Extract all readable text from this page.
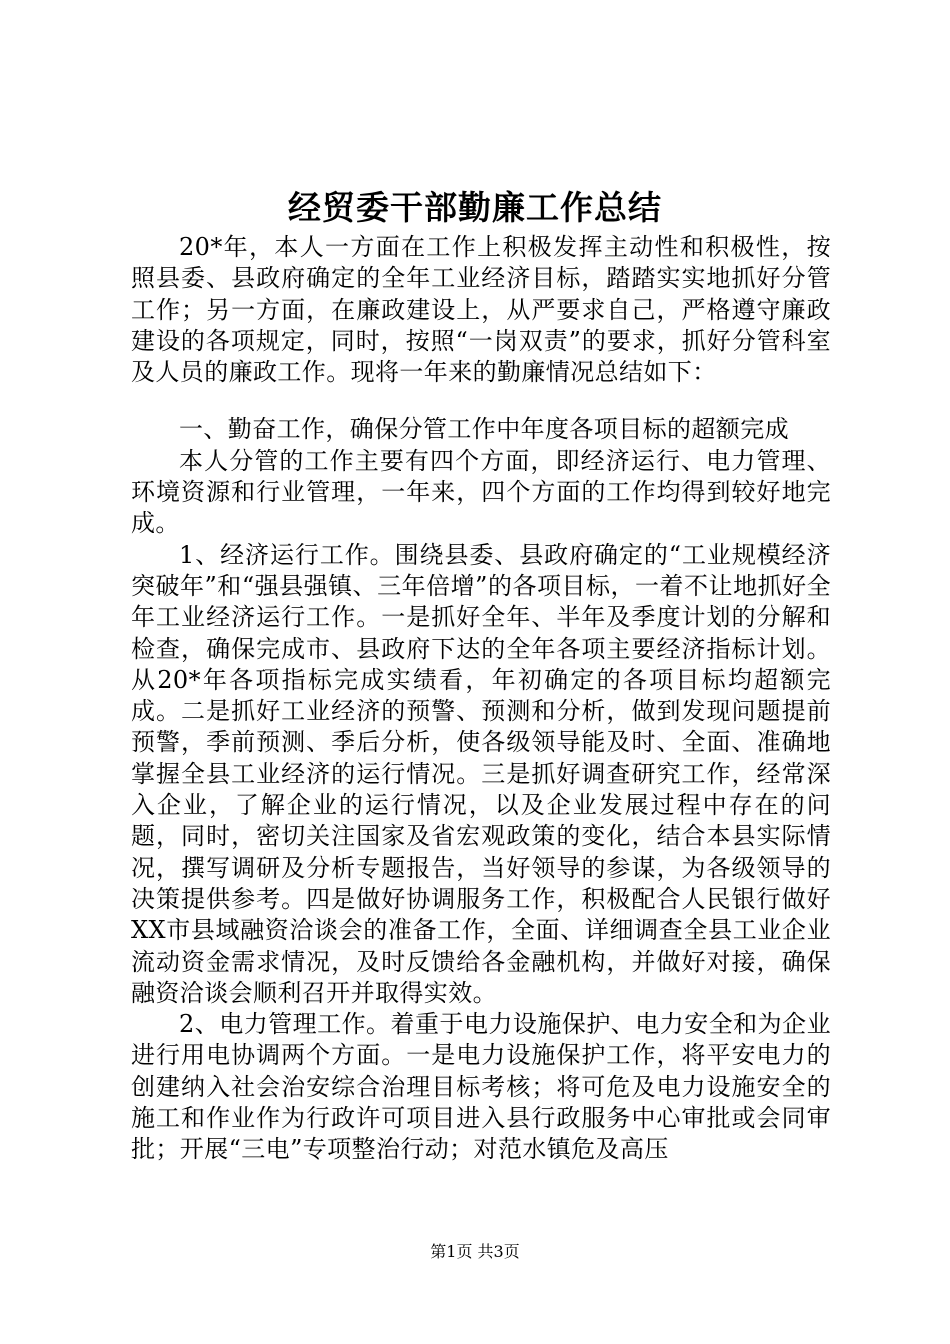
经贸委干部勤廉工作总结

20*年，本人一方面在工作上积极发挥主动性和积极性，按照县委、县政府确定的全年工业经济目标，踏踏实实地抓好分管工作；另一方面，在廉政建设上，从严要求自己，严格遵守廉政建设的各项规定，同时，按照“一岗双责”的要求，抓好分管科室及人员的廉政工作。现将一年来的勤廉情况总结如下：

一、勤奋工作，确保分管工作中年度各项目标的超额完成

本人分管的工作主要有四个方面，即经济运行、电力管理、环境资源和行业管理，一年来，四个方面的工作均得到较好地完成。

1、经济运行工作。围绕县委、县政府确定的“工业规模经济突破年”和“强县强镇、三年倍增”的各项目标，一着不让地抓好全年工业经济运行工作。一是抓好全年、半年及季度计划的分解和检查，确保完成市、县政府下达的全年各项主要经济指标计划。从20*年各项指标完成实绩看，年初确定的各项目标均超额完成。二是抓好工业经济的预警、预测和分析，做到发现问题提前预警，季前预测、季后分析，使各级领导能及时、全面、准确地掌握全县工业经济的运行情况。三是抓好调查研究工作，经常深入企业，了解企业的运行情况，以及企业发展过程中存在的问题，同时，密切关注国家及省宏观政策的变化，结合本县实际情况，撰写调研及分析专题报告，当好领导的参谋，为各级领导的决策提供参考。四是做好协调服务工作，积极配合人民银行做好XX市县域融资洽谈会的准备工作，全面、详细调查全县工业企业流动资金需求情况，及时反馈给各金融机构，并做好对接，确保融资洽谈会顺利召开并取得实效。

2、电力管理工作。着重于电力设施保护、电力安全和为企业进行用电协调两个方面。一是电力设施保护工作，将平安电力的创建纳入社会治安综合治理目标考核；将可危及电力设施安全的施工和作业作为行政许可项目进入县行政服务中心审批或会同审批；开展“三电”专项整治行动；对范水镇危及高压

第1页 共3页
